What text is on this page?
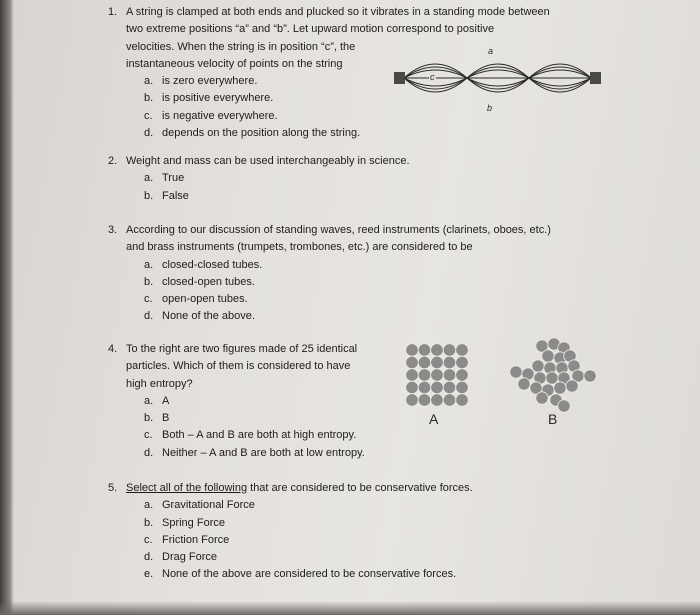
1. A string is clamped at both ends and plucked so it vibrates in a standing mode between
two extreme positions “a” and “b”. Let upward motion correspond to positive
velocities. When the string is in position “c”, the
instantaneous velocity of points on the string
a. is zero everywhere.
b. is positive everywhere.
c. is negative everywhere.
d. depends on the position along the string.
a
c
b
2. Weight and mass can be used interchangeably in science.
a. True
b. False
3. According to our discussion of standing waves, reed instruments (clarinets, oboes, etc.)
and brass instruments (trumpets, trombones, etc.) are considered to be
a. closed-closed tubes.
b. closed-open tubes.
c. open-open tubes.
d. None of the above.
4. To the right are two figures made of 25 identical
particles. Which of them is considered to have
high entropy?
a. A
b. B
c. Both – A and B are both at high entropy.
d. Neither – A and B are both at low entropy.
A	B
5. Select all of the following that are considered to be conservative forces.
a. Gravitational Force
b. Spring Force
c. Friction Force
d. Drag Force
e. None of the above are considered to be conservative forces.
